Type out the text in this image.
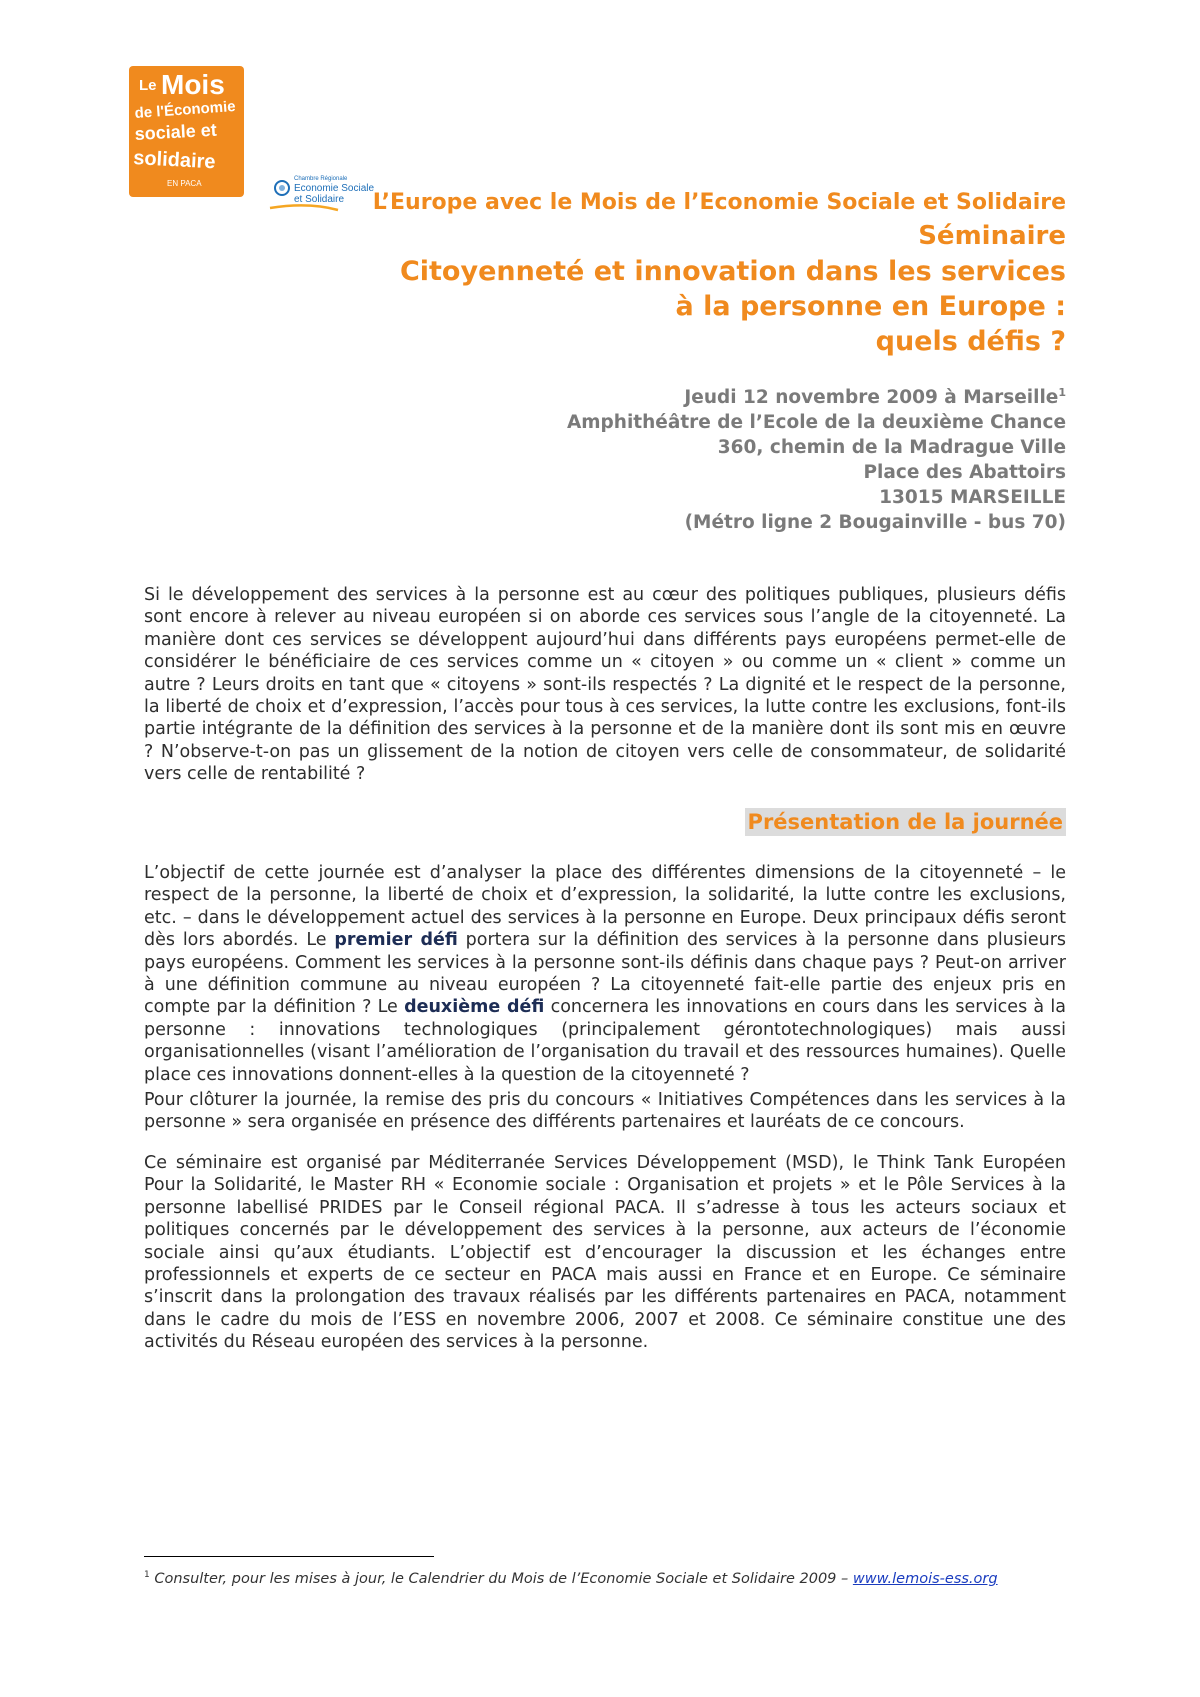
Le Mois
de l'Économie
sociale et
solidaire
EN PACA	Chambre Régionale
Economie Sociale
et Solidaire L’Europe avec le Mois de l’Economie Sociale et Solidaire
Séminaire
Citoyenneté et innovation dans les services
à la personne en Europe :
quels défis ?
Jeudi 12 novembre 2009 à Marseille$^1$
Amphithéâtre de l’Ecole de la deuxième Chance
360, chemin de la Madrague Ville
Place des Abattoirs
13015 MARSEILLE
(Métro ligne 2 Bougainville - bus 70)
Si le développement des services à la personne est au cœur des politiques publiques, plusieurs défis sont encore à relever au niveau européen si on aborde ces services sous l’angle de la citoyenneté. La manière dont ces services se développent aujourd’hui dans différents pays européens permet-elle de considérer le bénéficiaire de ces services comme un « citoyen » ou comme un « client » comme un autre ? Leurs droits en tant que « citoyens » sont-ils respectés ? La dignité et le respect de la personne, la liberté de choix et d’expression, l’accès pour tous à ces services, la lutte contre les exclusions, font-ils partie intégrante de la définition des services à la personne et de la manière dont ils sont mis en œuvre ? N’observe-t-on pas un glissement de la notion de citoyen vers celle de consommateur, de solidarité vers celle de rentabilité ?
Présentation de la journée
L’objectif de cette journée est d’analyser la place des différentes dimensions de la citoyenneté – le respect de la personne, la liberté de choix et d’expression, la solidarité, la lutte contre les exclusions, etc. – dans le développement actuel des services à la personne en Europe. Deux principaux défis seront dès lors abordés. Le premier défi portera sur la définition des services à la personne dans plusieurs pays européens. Comment les services à la personne sont-ils définis dans chaque pays ? Peut-on arriver à une définition commune au niveau européen ? La citoyenneté fait-elle partie des enjeux pris en compte par la définition ? Le deuxième défi concernera les innovations en cours dans les services à la personne : innovations technologiques (principalement gérontotechnologiques) mais aussi organisationnelles (visant l’amélioration de l’organisation du travail et des ressources humaines). Quelle place ces innovations donnent-elles à la question de la citoyenneté ?
Pour clôturer la journée, la remise des pris du concours « Initiatives Compétences dans les services à la personne » sera organisée en présence des différents partenaires et lauréats de ce concours.
Ce séminaire est organisé par Méditerranée Services Développement (MSD), le Think Tank Européen Pour la Solidarité, le Master RH « Economie sociale : Organisation et projets » et le Pôle Services à la personne labellisé PRIDES par le Conseil régional PACA. Il s’adresse à tous les acteurs sociaux et politiques concernés par le développement des services à la personne, aux acteurs de l’économie sociale ainsi qu’aux étudiants. L’objectif est d’encourager la discussion et les échanges entre professionnels et experts de ce secteur en PACA mais aussi en France et en Europe. Ce séminaire s’inscrit dans la prolongation des travaux réalisés par les différents partenaires en PACA, notamment dans le cadre du mois de l’ESS en novembre 2006, 2007 et 2008. Ce séminaire constitue une des activités du Réseau européen des services à la personne.
$^1$ Consulter, pour les mises à jour, le Calendrier du Mois de l’Economie Sociale et Solidaire 2009 – www.lemois-ess.org
